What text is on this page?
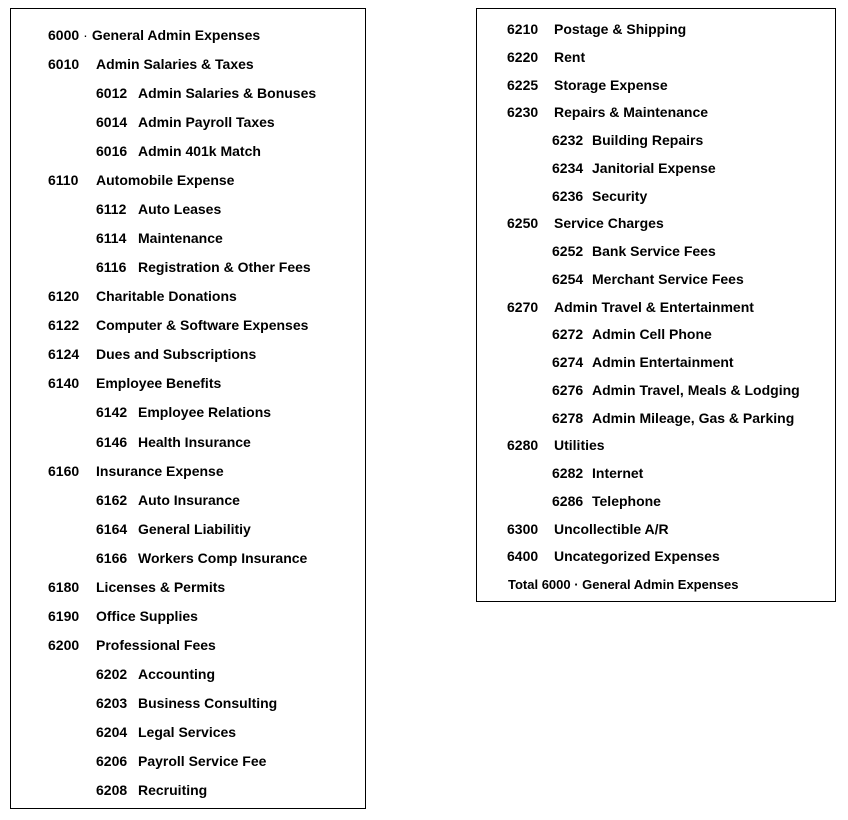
6000 · General Admin Expenses
6010 Admin Salaries & Taxes
6012 Admin Salaries & Bonuses
6014 Admin Payroll Taxes
6016 Admin 401k Match
6110 Automobile Expense
6112 Auto Leases
6114 Maintenance
6116 Registration & Other Fees
6120 Charitable Donations
6122 Computer & Software Expenses
6124 Dues and Subscriptions
6140 Employee Benefits
6142 Employee Relations
6146 Health Insurance
6160 Insurance Expense
6162 Auto Insurance
6164 General Liabilitiy
6166 Workers Comp Insurance
6180 Licenses & Permits
6190 Office Supplies
6200 Professional Fees
6202 Accounting
6203 Business Consulting
6204 Legal Services
6206 Payroll Service Fee
6208 Recruiting
6210 Postage & Shipping
6220 Rent
6225 Storage Expense
6230 Repairs & Maintenance
6232 Building Repairs
6234 Janitorial Expense
6236 Security
6250 Service Charges
6252 Bank Service Fees
6254 Merchant Service Fees
6270 Admin Travel & Entertainment
6272 Admin Cell Phone
6274 Admin Entertainment
6276 Admin Travel, Meals & Lodging
6278 Admin Mileage, Gas & Parking
6280 Utilities
6282 Internet
6286 Telephone
6300 Uncollectible A/R
6400 Uncategorized Expenses
Total 6000 · General Admin Expenses
